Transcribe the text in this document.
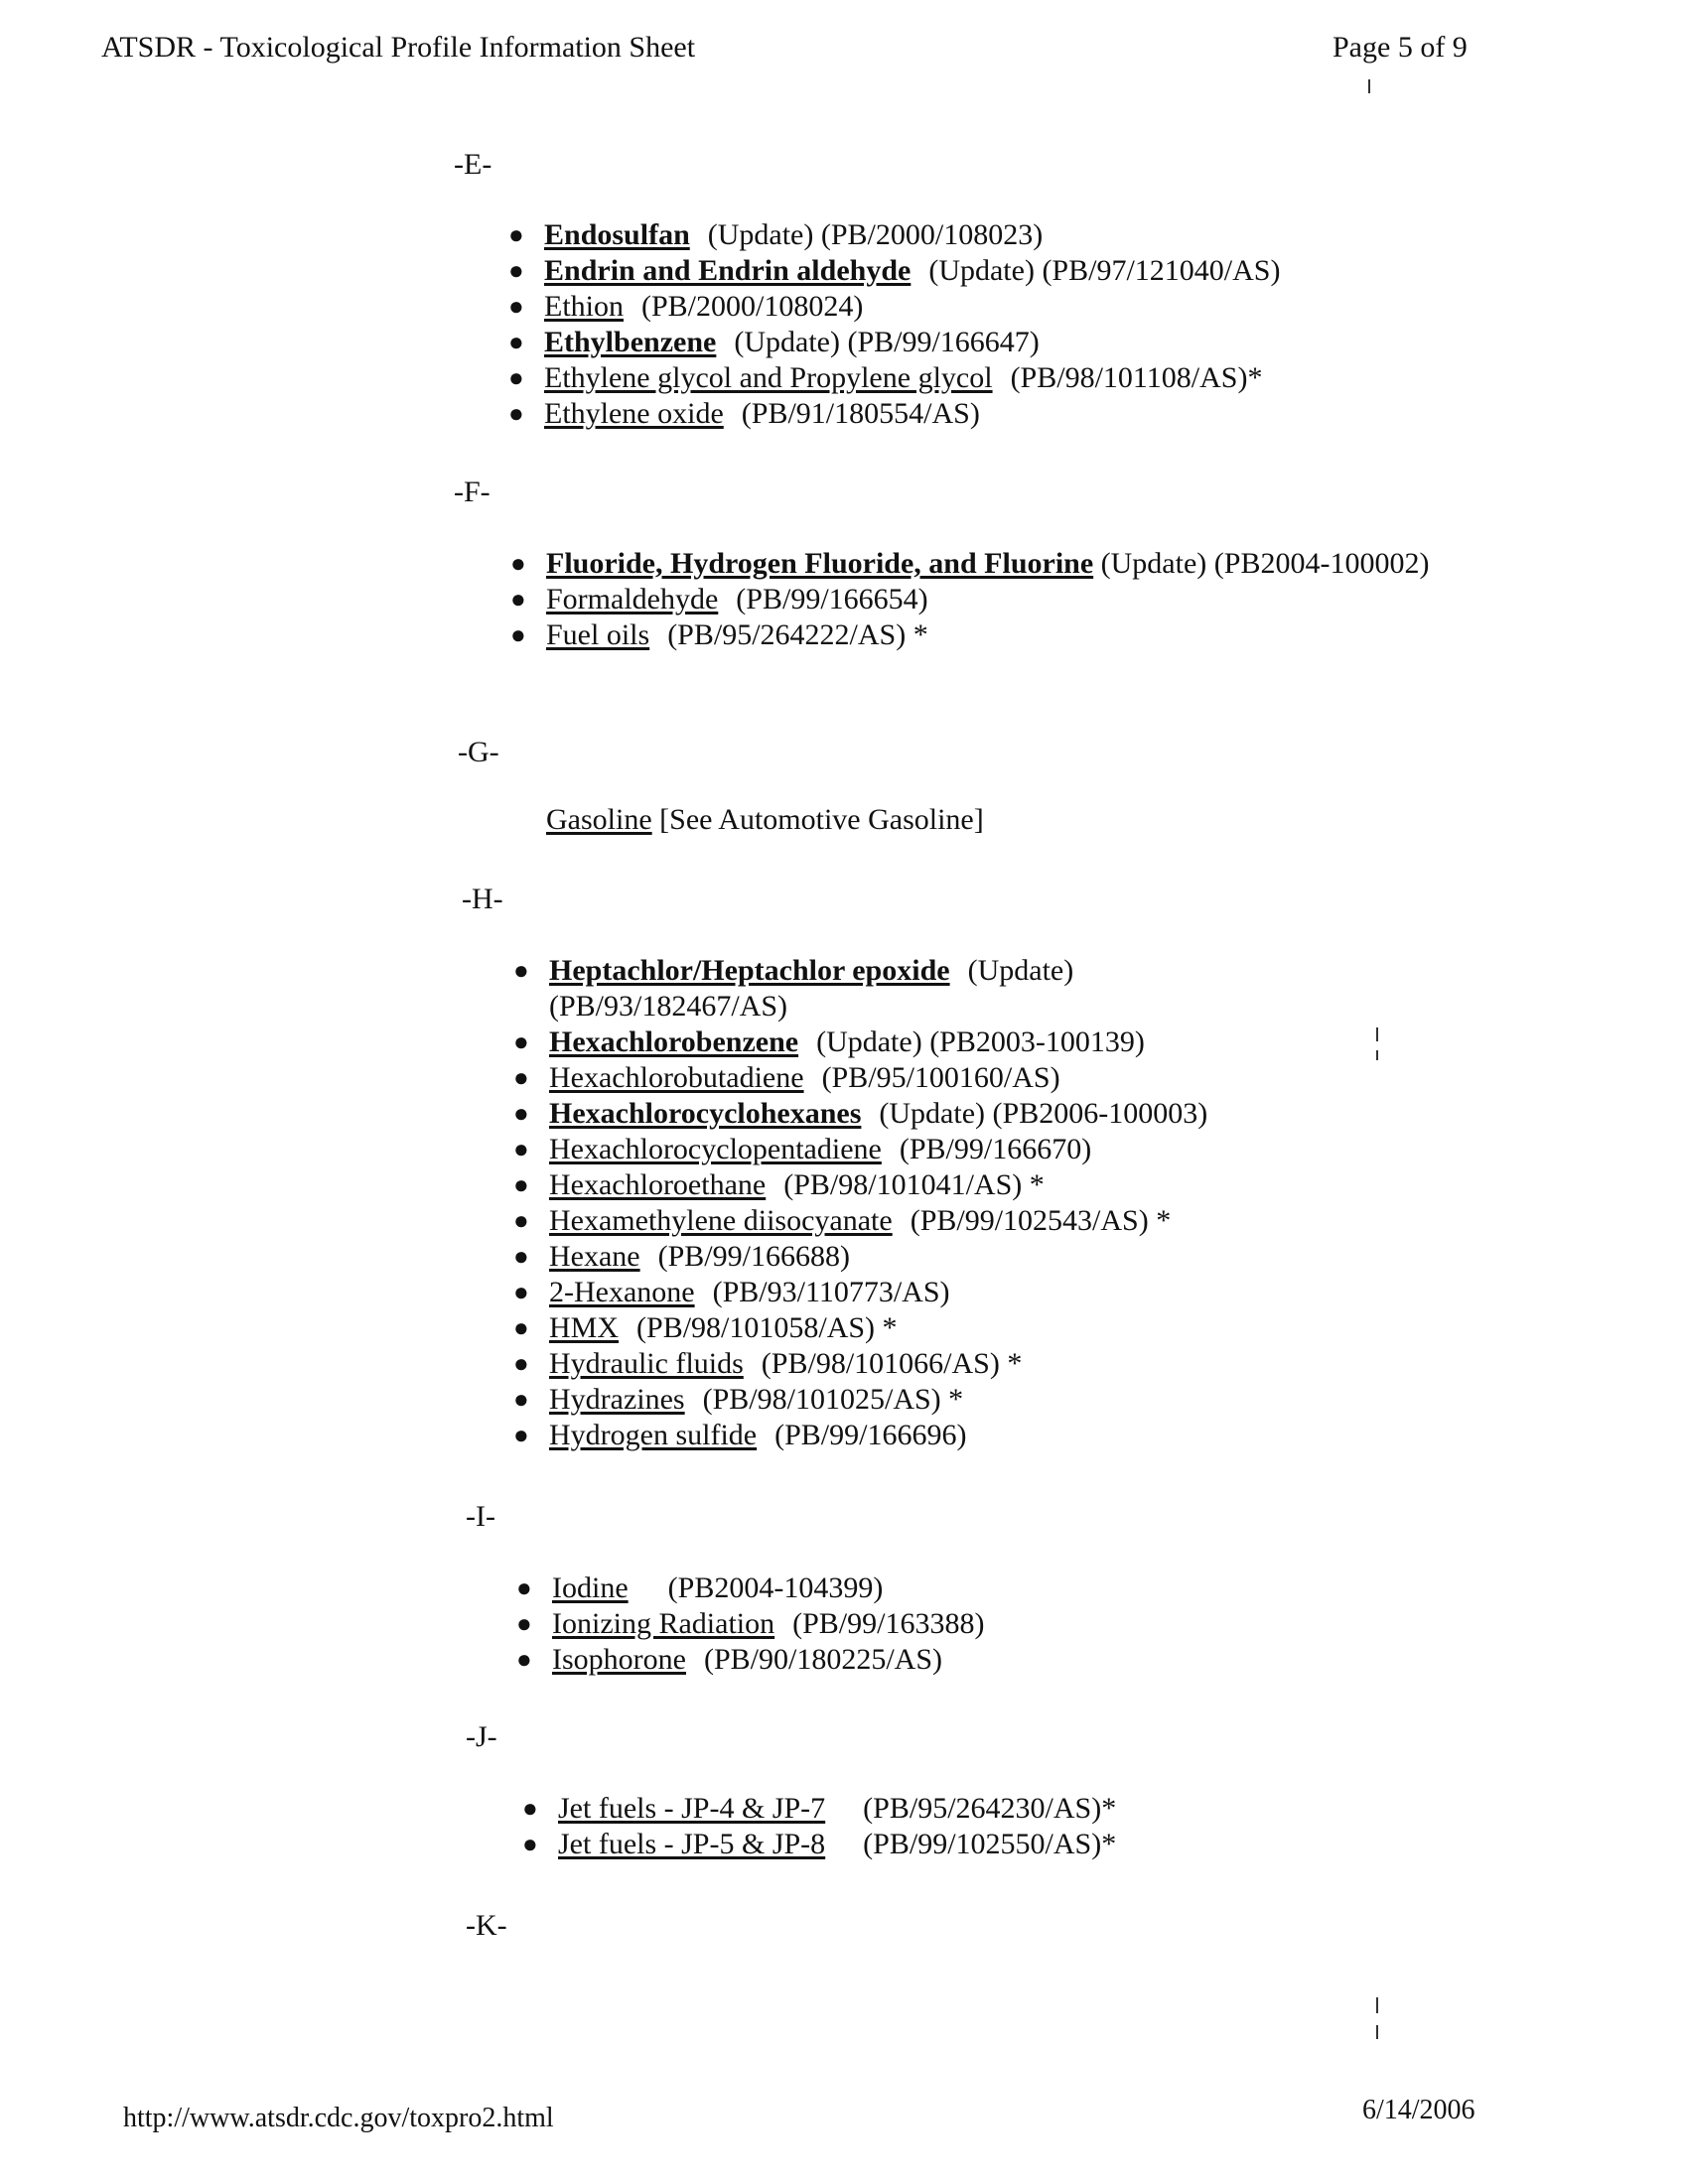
ATSDR - Toxicological Profile Information Sheet	Page 5 of 9
-E-
● Endosulfan (Update) (PB/2000/108023)
● Endrin and Endrin aldehyde (Update) (PB/97/121040/AS)
● Ethion (PB/2000/108024)
● Ethylbenzene (Update) (PB/99/166647)
● Ethylene glycol and Propylene glycol (PB/98/101108/AS)*
● Ethylene oxide (PB/91/180554/AS)
-F-
● Fluoride, Hydrogen Fluoride, and Fluorine (Update) (PB2004-100002)
● Formaldehyde (PB/99/166654)
● Fuel oils (PB/95/264222/AS) *
-G-
Gasoline [See Automotive Gasoline]
-H-
● Heptachlor/Heptachlor epoxide (Update) (PB/93/182467/AS)
● Hexachlorobenzene (Update) (PB2003-100139)
● Hexachlorobutadiene (PB/95/100160/AS)
● Hexachlorocyclohexanes (Update) (PB2006-100003)
● Hexachlorocyclopentadiene (PB/99/166670)
● Hexachloroethane (PB/98/101041/AS) *
● Hexamethylene diisocyanate (PB/99/102543/AS) *
● Hexane (PB/99/166688)
● 2-Hexanone (PB/93/110773/AS)
● HMX (PB/98/101058/AS) *
● Hydraulic fluids (PB/98/101066/AS) *
● Hydrazines (PB/98/101025/AS) *
● Hydrogen sulfide (PB/99/166696)
-I-
● Iodine (PB2004-104399)
● Ionizing Radiation (PB/99/163388)
● Isophorone (PB/90/180225/AS)
-J-
● Jet fuels - JP-4 & JP-7 (PB/95/264230/AS)*
● Jet fuels - JP-5 & JP-8 (PB/99/102550/AS)*
-K-
http://www.atsdr.cdc.gov/toxpro2.html	6/14/2006
